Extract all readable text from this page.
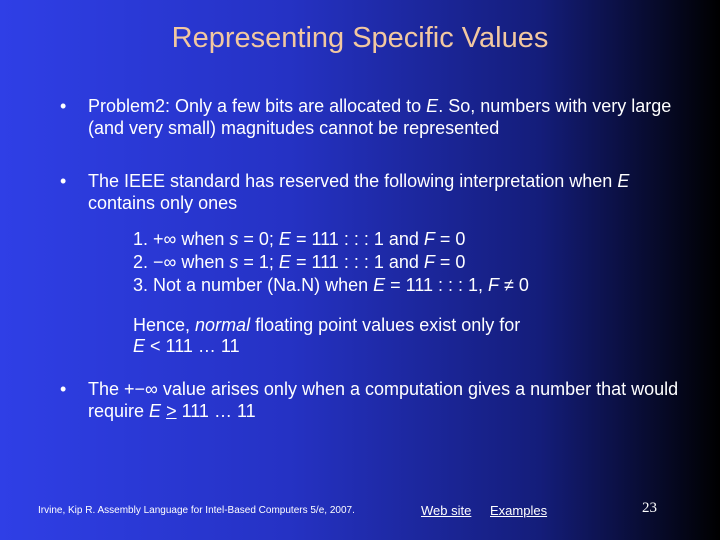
Representing Specific Values
• Problem2: Only a few bits are allocated to E. So, numbers with very large (and very small) magnitudes cannot be represented
• The IEEE standard has reserved the following interpretation when E contains only ones
1. +∞ when s = 0; E = 111 : : : 1 and F = 0
2. −∞ when s = 1; E = 111 : : : 1 and F = 0
3. Not a number (Na.N) when E = 111 : : : 1, F ≠ 0
Hence, normal floating point values exist only for
E < 111 … 11
• The +−∞ value arises only when a computation gives a number that would require E > 111 … 11
Irvine, Kip R. Assembly Language for Intel-Based Computers 5/e, 2007.	Web site Examples	23
